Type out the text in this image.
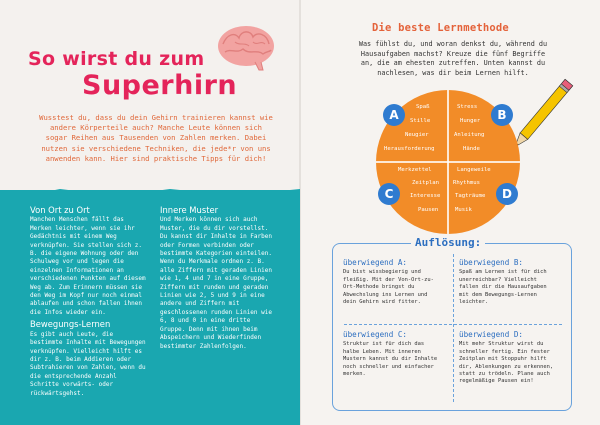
So wirst du zum
Superhirn
Wusstest du, dass du dein Gehirn trainieren kannst wie andere Körperteile auch? Manche Leute können sich sogar Reihen aus Tausenden von Zahlen merken. Dabei nutzen sie verschiedene Techniken, die jede*r von uns anwenden kann. Hier sind praktische Tipps für dich!
Von Ort zu Ort

Manchen Menschen fällt das Merken leichter, wenn sie ihr Gedächtnis mit einem Weg verknüpfen. Sie stellen sich z. B. die eigene Wohnung oder den Schulweg vor und legen die einzelnen Informationen an verschiedenen Punkten auf diesem Weg ab. Zum Erinnern müssen sie den Weg im Kopf nur noch einmal ablaufen und schon fallen ihnen die Infos wieder ein.

Bewegungs-Lernen

Es gibt auch Leute, die bestimmte Inhalte mit Bewegungen verknüpfen. Vielleicht hilft es dir z. B. beim Addieren oder Subtrahieren von Zahlen, wenn du die entsprechende Anzahl Schritte vorwärts- oder rückwärtsgehst.

Innere Muster

Und Merken können sich auch Muster, die du dir vorstellst. Du kannst dir Inhalte in Farben oder Formen verbinden oder bestimmte Kategorien einteilen. Wenn du Merkmale ordnen z. B. alle Ziffern mit geraden Linien wie 1, 4 und 7 in eine Gruppe, Ziffern mit runden und geraden Linien wie 2, 5 und 9 in eine andere und Ziffern mit geschlossenen runden Linien wie 6, 8 und 0 in eine dritte Gruppe. Denn mit ihnen beim Abspeichern und Wiederfinden bestimmter Zahlenfolgen.

Die beste Lernmethode
Was fühlst du, und woran denkst du, während du Hausaufgaben machst? Kreuze die fünf Begriffe an, die am ehesten zutreffen. Unten kannst du nachlesen, was dir beim Lernen hilft.
A	B
C	D
Spaß
Stille
Neugier	Anleitung
Herausforderung
Stress
Hunger
Hände
Merkzettel
Zeitplan
Interesse
Pausen
Langeweile
Rhythmus
Tagträume
Musik
Auflösung:
überwiegend A:

Du bist wissbegierig und fleißig. Mit der Von-Ort-zu-Ort-Methode bringst du Abwechslung ins Lernen und dein Gehirn wird fitter.

überwiegend B:

Spaß am Lernen ist für dich unerreichbar? Vielleicht fallen dir die Hausaufgaben mit dem Bewegungs-Lernen leichter.

überwiegend C:

Struktur ist für dich das halbe Leben. Mit inneren Mustern kannst du dir Inhalte noch schneller und einfacher merken.

überwiegend D:

Mit mehr Struktur wirst du schneller fertig. Ein fester Zeitplan mit Stoppuhr hilft dir, Ablenkungen zu erkennen, statt zu trödeln. Plane auch regelmäßige Pausen ein!
